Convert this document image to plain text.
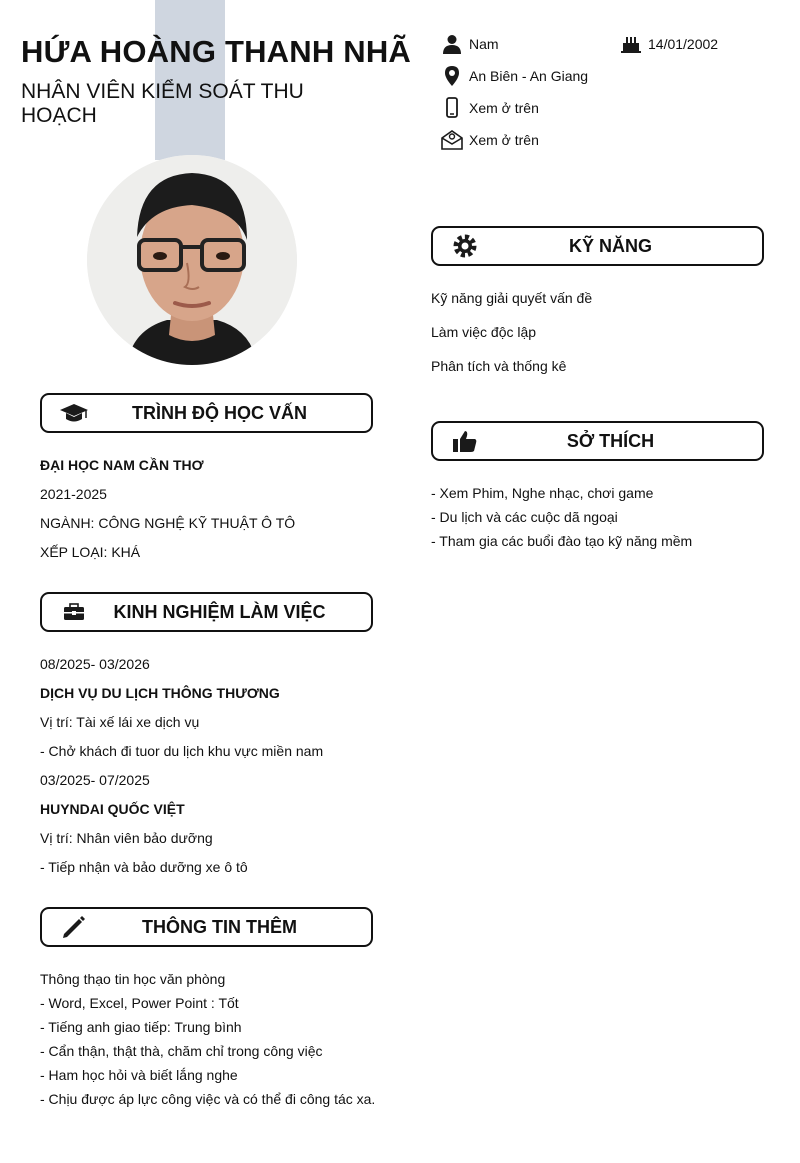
HỨA HOÀNG THANH NHÃ
NHÂN VIÊN KIỂM SOÁT THU HOẠCH
Nam	14/01/2002
An Biên - An Giang
Xem ở trên
Xem ở trên
TRÌNH ĐỘ HỌC VẤN
ĐẠI HỌC NAM CẦN THƠ
2021-2025
NGÀNH: CÔNG NGHỆ KỸ THUẬT Ô TÔ
XẾP LOẠI: KHÁ
KINH NGHIỆM LÀM VIỆC
08/2025- 03/2026
DỊCH VỤ DU LỊCH THÔNG THƯƠNG
Vị trí: Tài xế lái xe dịch vụ
- Chở khách đi tuor du lịch khu vực miền nam
03/2025- 07/2025
HUYNDAI QUỐC VIỆT
Vị trí: Nhân viên bảo dưỡng
- Tiếp nhận và bảo dưỡng xe ô tô
THÔNG TIN THÊM
Thông thạo tin học văn phòng
- Word, Excel, Power Point : Tốt
- Tiếng anh giao tiếp: Trung bình
- Cẩn thận, thật thà, chăm chỉ trong công việc
- Ham học hỏi và biết lắng nghe
- Chịu được áp lực công việc và có thể đi công tác xa.
KỸ NĂNG
Kỹ năng giải quyết vấn đề
Làm việc độc lập
Phân tích và thống kê
SỞ THÍCH
- Xem Phim, Nghe nhạc, chơi game
- Du lịch và các cuộc dã ngoại
- Tham gia các buổi đào tạo kỹ năng mềm
